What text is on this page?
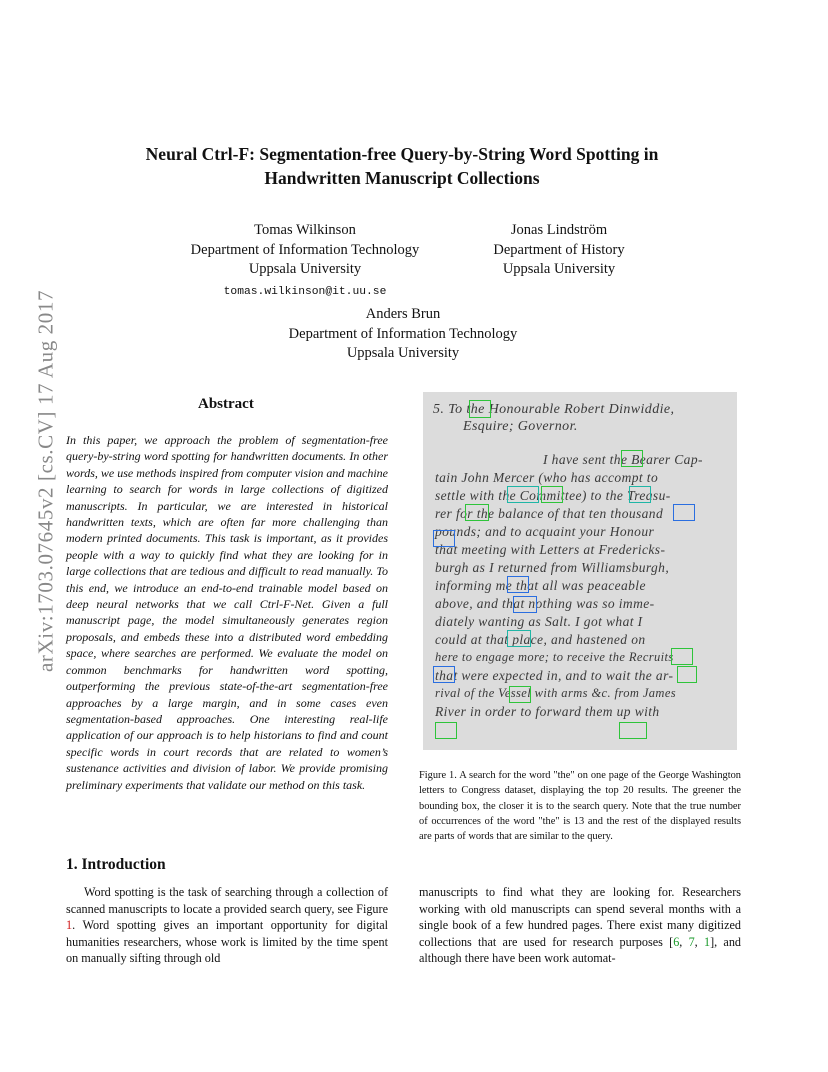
arXiv:1703.07645v2 [cs.CV] 17 Aug 2017
Neural Ctrl-F: Segmentation-free Query-by-String Word Spotting in
Handwritten Manuscript Collections
Tomas Wilkinson
Department of Information Technology
Uppsala University
tomas.wilkinson@it.uu.se
Jonas Lindström
Department of History
Uppsala University
Anders Brun
Department of Information Technology
Uppsala University
Abstract
In this paper, we approach the problem of segmentation-free query-by-string word spotting for handwritten documents. In other words, we use methods inspired from computer vision and machine learning to search for words in large collections of digitized manuscripts. In particular, we are interested in historical handwritten texts, which are often far more challenging than modern printed documents. This task is important, as it provides people with a way to quickly find what they are looking for in large collections that are tedious and difficult to read manually. To this end, we introduce an end-to-end trainable model based on deep neural networks that we call Ctrl-F-Net. Given a full manuscript page, the model simultaneously generates region proposals, and embeds these into a distributed word embedding space, where searches are performed. We evaluate the model on common benchmarks for handwritten word spotting, outperforming the previous state-of-the-art segmentation-free approaches by a large margin, and in some cases even segmentation-based approaches. One interesting real-life application of our approach is to help historians to find and count specific words in court records that are related to women’s sustenance activities and division of labor. We provide promising preliminary experiments that validate our method on this task.
5. To the Honourable Robert Dinwiddie,
Esquire; Governor.
I have sent the Bearer Cap-
tain John Mercer (who has accompt to
settle with the Committee) to the Treasu-
rer for the balance of that ten thousand
pounds; and to acquaint your Honour
that meeting with Letters at Fredericks-
burgh as I returned from Williamsburgh,
informing me that all was peaceable
above, and that nothing was so imme-
diately wanting as Salt. I got what I
could at that place, and hastened on
here to engage more; to receive the Recruits
that were expected in, and to wait the ar-
rival of the Vessel with arms &c. from James
River in order to forward them up with
Figure 1. A search for the word "the" on one page of the George Washington letters to Congress dataset, displaying the top 20 results. The greener the bounding box, the closer it is to the search query. Note that the true number of occurrences of the word "the" is 13 and the rest of the displayed results are parts of words that are similar to the query.
1. Introduction
Word spotting is the task of searching through a collection of scanned manuscripts to locate a provided search query, see Figure 1. Word spotting gives an important opportunity for digital humanities researchers, whose work is limited by the time spent on manually sifting through old
manuscripts to find what they are looking for. Researchers working with old manuscripts can spend several months with a single book of a few hundred pages. There exist many digitized collections that are used for research purposes [6, 7, 1], and although there have been work automat-
